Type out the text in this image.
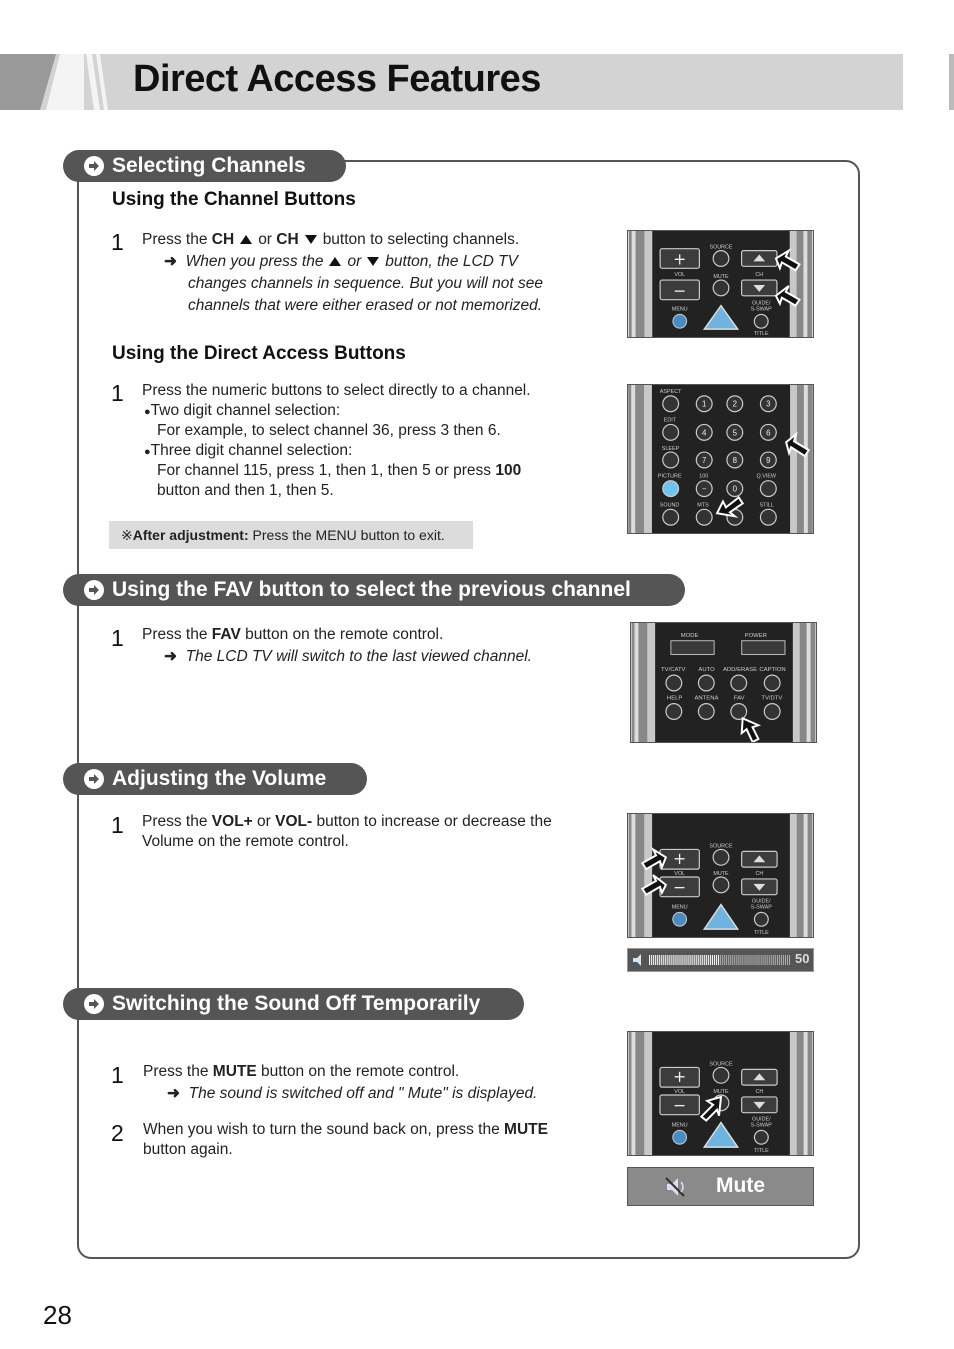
Direct Access Features
Selecting Channels
Using the Channel Buttons
1 Press the CH or CH button to selecting channels.
➜ When you press the or button, the LCD TV
changes channels in sequence. But you will not see
channels that were either erased or not memorized.
Using the Direct Access Buttons
1 Press the numeric buttons to select directly to a channel.
●Two digit channel selection:
For example, to select channel 36, press 3 then 6.
●Three digit channel selection:
For channel 115, press 1, then 1, then 5 or press 100
button and then 1, then 5.
※ After adjustment: Press the MENU button to exit.
+
−
VOL
SOURCE
MUTE	CH
MENU
GUIDE/
S-SWAP
TITLE
ASPECT
EDIT
SLEEP
PICTURE
SOUND	MTS
100	Q.VIEW
STILL
1	2	3
4	5	6
7	8	9
−	0
Using the FAV button to select the previous channel
1 Press the FAV button on the remote control.
➜ The LCD TV will switch to the last viewed channel.
MODE	POWER
TV/CATV AUTO ADD/ERASE CAPTION
HELP ANTENA	FAV	TV/DTV
Adjusting the Volume
1 Press the VOL+ or VOL- button to increase or decrease the
Volume on the remote control.
+
−
VOL
SOURCE
MUTE	CH
MENU
GUIDE/
S-SWAP
TITLE
50
Switching the Sound Off Temporarily
1 Press the MUTE button on the remote control.
➜ The sound is switched off and " Mute" is displayed.
2 When you wish to turn the sound back on, press the MUTE
button again.
+
−
VOL
SOURCE
MUTE	CH
MENU
GUIDE/
S-SWAP
TITLE
Mute
28
